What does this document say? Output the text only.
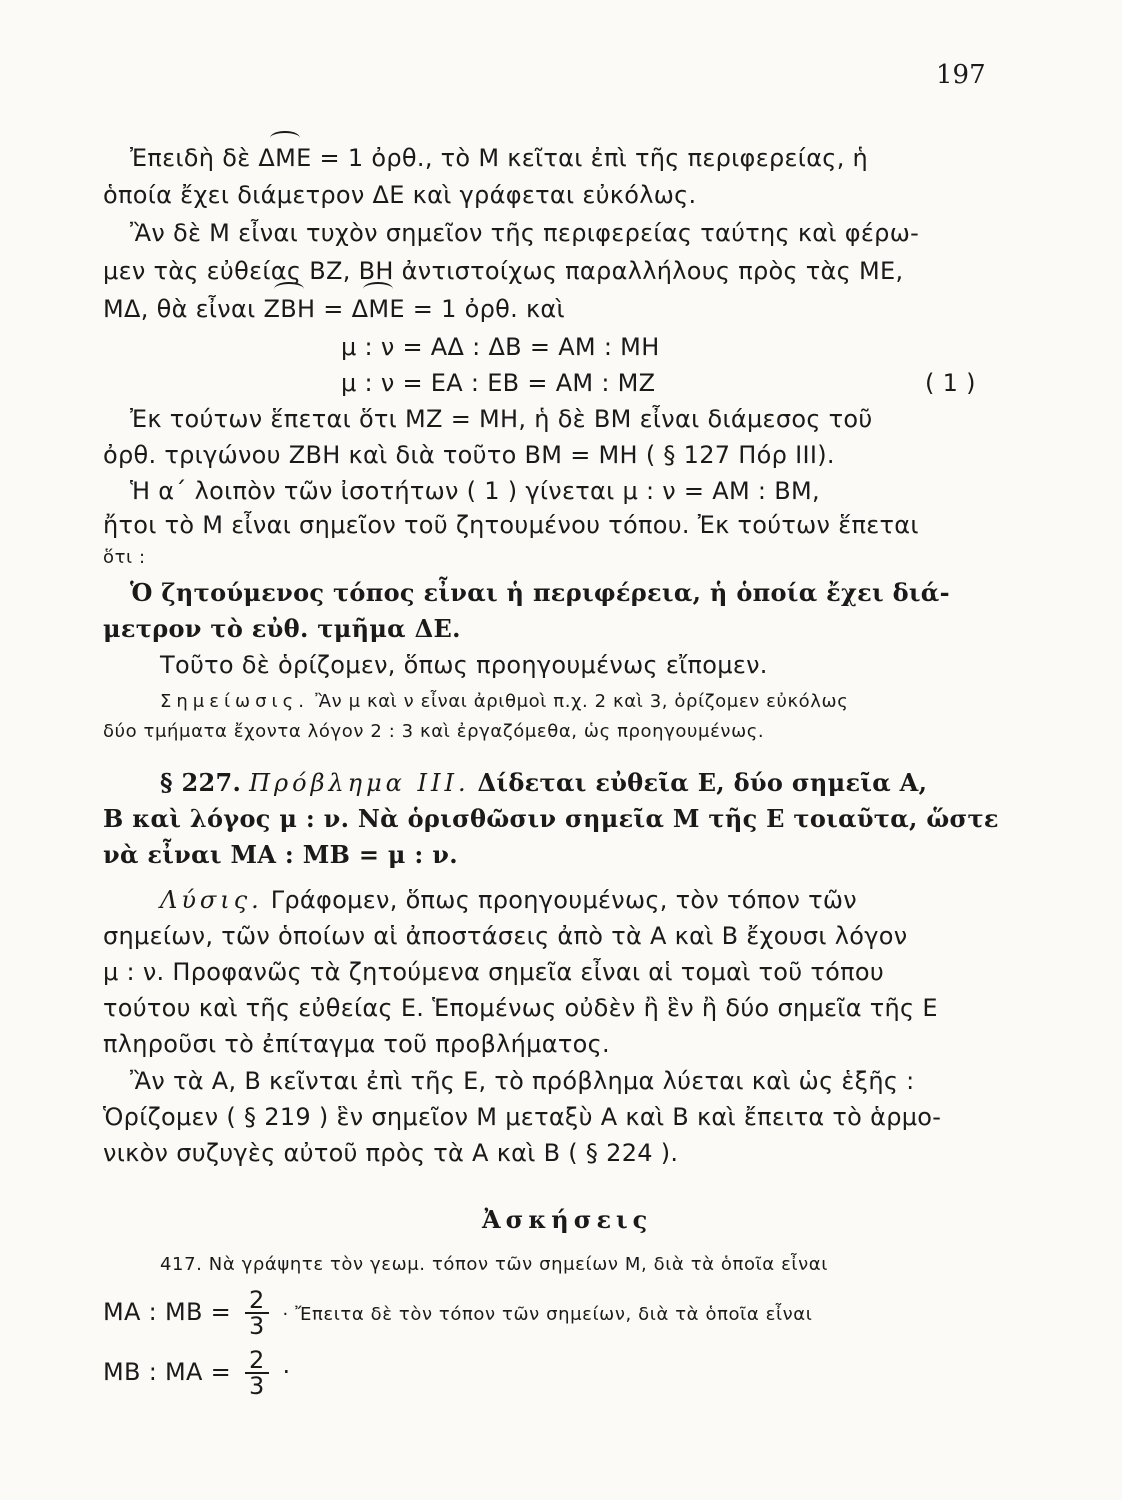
197
Ἐπειδὴ δὲ ΔΜΕ = 1 ὀρθ., τὸ Μ κεῖται ἐπὶ τῆς περιφερείας, ἡ
ὁποία ἔχει διάμετρον ΔΕ καὶ γράφεται εὐκόλως.
Ἂν δὲ Μ εἶναι τυχὸν σημεῖον τῆς περιφερείας ταύτης καὶ φέρω-
μεν τὰς εὐθείας ΒΖ, ΒΗ ἀντιστοίχως παραλλήλους πρὸς τὰς ΜΕ,
ΜΔ, θὰ εἶναι ΖΒΗ = ΔΜΕ = 1 ὀρθ. καὶ
μ : ν = ΑΔ : ΔΒ = ΑΜ : ΜΗ
μ : ν = ΕΑ : ΕΒ = ΑΜ : ΜΖ	( 1 )
Ἐκ τούτων ἕπεται ὅτι ΜΖ = ΜΗ, ἡ δὲ ΒΜ εἶναι διάμεσος τοῦ
ὀρθ. τριγώνου ΖΒΗ καὶ διὰ τοῦτο ΒΜ = ΜΗ ( § 127 Πόρ ΙΙΙ).
Ἡ α΄ λοιπὸν τῶν ἰσοτήτων ( 1 ) γίνεται μ : ν = ΑΜ : ΒΜ,
ἤτοι τὸ Μ εἶναι σημεῖον τοῦ ζητουμένου τόπου. Ἐκ τούτων ἕπεται
ὅτι :
Ὁ ζητούμενος τόπος εἶναι ἡ περιφέρεια, ἡ ὁποία ἔχει διά-
μετρον τὸ εὐθ. τμῆμα ΔΕ.
Τοῦτο δὲ ὁρίζομεν, ὅπως προηγουμένως εἴπομεν.
Σημείωσις. Ἂν μ καὶ ν εἶναι ἀριθμοὶ π.χ. 2 καὶ 3, ὁρίζομεν εὐκόλως
δύο τμήματα ἔχοντα λόγον 2 : 3 καὶ ἐργαζόμεθα, ὡς προηγουμένως.
§ 227. Πρόβλημα ΙΙΙ. Δίδεται εὐθεῖα Ε, δύο σημεῖα Α,
Β καὶ λόγος μ : ν. Νὰ ὁρισθῶσιν σημεῖα Μ τῆς Ε τοιαῦτα, ὥστε
νὰ εἶναι ΜΑ : ΜΒ = μ : ν.
Λύσις. Γράφομεν, ὅπως προηγουμένως, τὸν τόπον τῶν
σημείων, τῶν ὁποίων αἱ ἀποστάσεις ἀπὸ τὰ Α καὶ Β ἔχουσι λόγον
μ : ν. Προφανῶς τὰ ζητούμενα σημεῖα εἶναι αἱ τομαὶ τοῦ τόπου
τούτου καὶ τῆς εὐθείας Ε. Ἑπομένως οὐδὲν ἢ ἓν ἢ δύο σημεῖα τῆς Ε
πληροῦσι τὸ ἐπίταγμα τοῦ προβλήματος.
Ἂν τὰ Α, Β κεῖνται ἐπὶ τῆς Ε, τὸ πρόβλημα λύεται καὶ ὡς ἑξῆς :
Ὁρίζομεν ( § 219 ) ἓν σημεῖον Μ μεταξὺ Α καὶ Β καὶ ἔπειτα τὸ ἁρμο-
νικὸν συζυγὲς αὐτοῦ πρὸς τὰ Α καὶ Β ( § 224 ).
Ἀσκήσεις
417. Νὰ γράψητε τὸν γεωμ. τόπον τῶν σημείων Μ, διὰ τὰ ὁποῖα εἶναι
ΜΑ : $MB = \frac{2}{3}$ · Ἔπειτα δὲ τὸν τόπον τῶν σημείων, διὰ τὰ ὁποῖα εἶναι
ΜΒ : $MA = \frac{2}{3}$ ·
